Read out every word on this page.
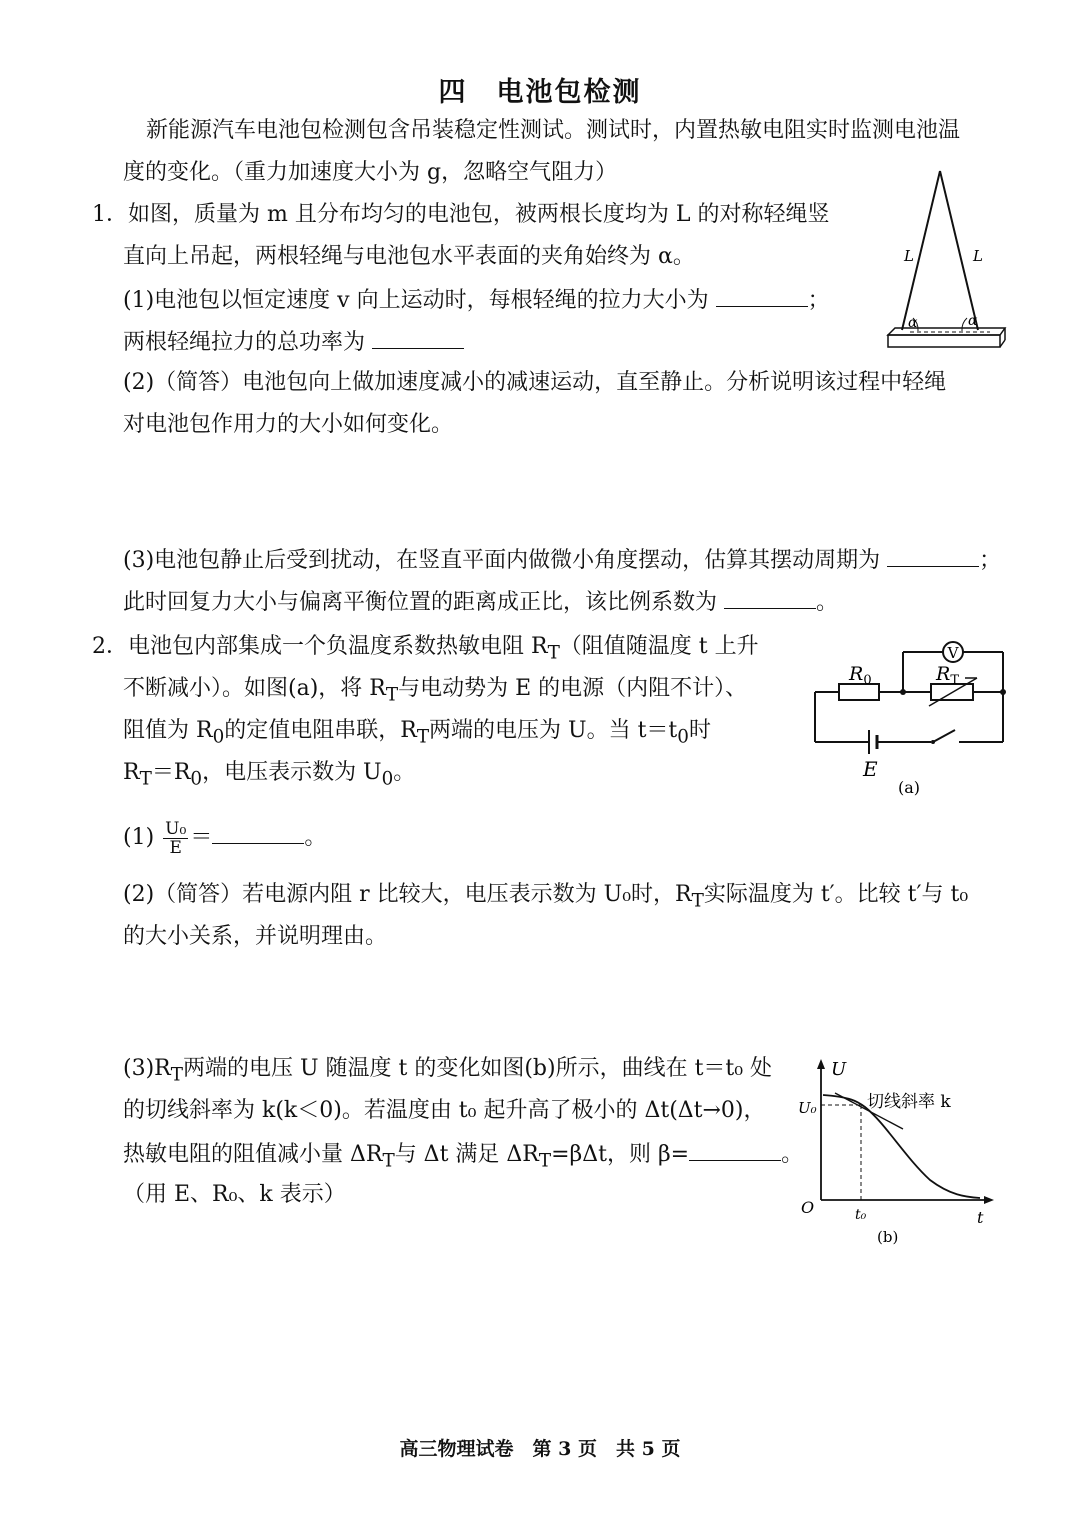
四　电池包检测
新能源汽车电池包检测包含吊装稳定性测试。测试时，内置热敏电阻实时监测电池温
度的变化。（重力加速度大小为 g，忽略空气阻力）
1．如图，质量为 m 且分布均匀的电池包，被两根长度均为 L 的对称轻绳竖
直向上吊起，两根轻绳与电池包水平表面的夹角始终为 α。
(1)电池包以恒定速度 v 向上运动时，每根轻绳的拉力大小为	；
两根轻绳拉力的总功率为
(2)（简答）电池包向上做加速度减小的减速运动，直至静止。分析说明该过程中轻绳
对电池包作用力的大小如何变化。
(3)电池包静止后受到扰动，在竖直平面内做微小角度摆动，估算其摆动周期为	；
此时回复力大小与偏离平衡位置的距离成正比，该比例系数为	。
L	L
α	α
2．电池包内部集成一个负温度系数热敏电阻 $R_T$（阻值随温度 t 上升
不断减小）。如图(a)，将 $R_T$与电动势为 E 的电源（内阻不计）、
阻值为 $R_0$的定值电阻串联，$R_T$两端的电压为 U。当 $t=t_0$时
$R_T=R_0$，电压表示数为 $U_0$。
$(1) \frac{\text{U₀}}{E}$ ＝	。
(2)（简答）若电源内阻 r 比较大，电压表示数为 U₀时，$R_T$实际温度为 t′。比较 t′与 t₀
的大小关系，并说明理由。
$(3)R_T$两端的电压 U 随温度 t 的变化如图(b)所示，曲线在 t＝t₀ 处
的切线斜率为 k(k＜0)。若温度由 t₀ 起升高了极小的 Δt(Δt→0)，
热敏电阻的阻值减小量 $\Delta R_T$与 Δt 满足 $\Delta R_T=\beta\Delta t$，则 β=	。
（用 E、R₀、k 表示）
V
$R_0$	$R_T$
E
(a)
U
U₀
O	t₀	t
切线斜率 k
(b)
高三物理试卷　第 3 页　共 5 页
